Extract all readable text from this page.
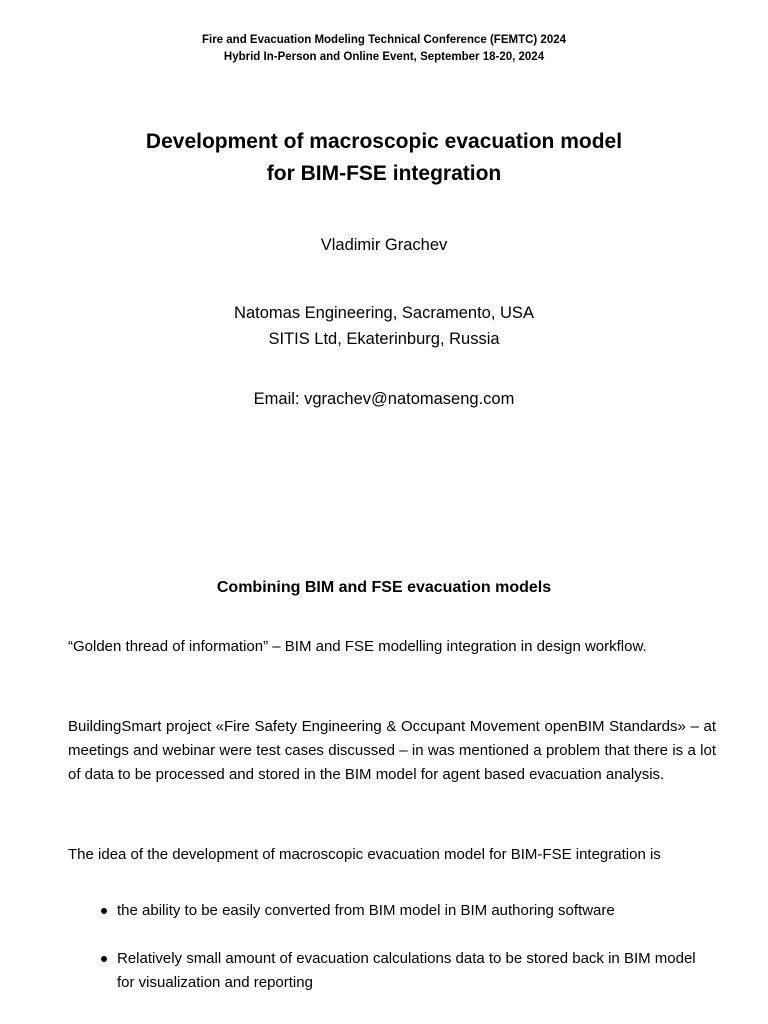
Fire and Evacuation Modeling Technical Conference (FEMTC) 2024
Hybrid In-Person and Online Event, September 18-20, 2024
Development of macroscopic evacuation model
for BIM-FSE integration
Vladimir Grachev
Natomas Engineering, Sacramento, USA
SITIS Ltd, Ekaterinburg, Russia
Email: vgrachev@natomaseng.com
Combining BIM and FSE evacuation models
“Golden thread of information” – BIM and FSE modelling integration in design workflow.
BuildingSmart project «Fire Safety Engineering & Occupant Movement openBIM Standards» – at meetings and webinar were test cases discussed – in was mentioned a problem that there is a lot of data to be processed and stored in the BIM model for agent based evacuation analysis.
The idea of the development of macroscopic evacuation model for BIM-FSE integration is
the ability to be easily converted from BIM model in BIM authoring software
Relatively small amount of evacuation calculations data to be stored back in BIM model for visualization and reporting
